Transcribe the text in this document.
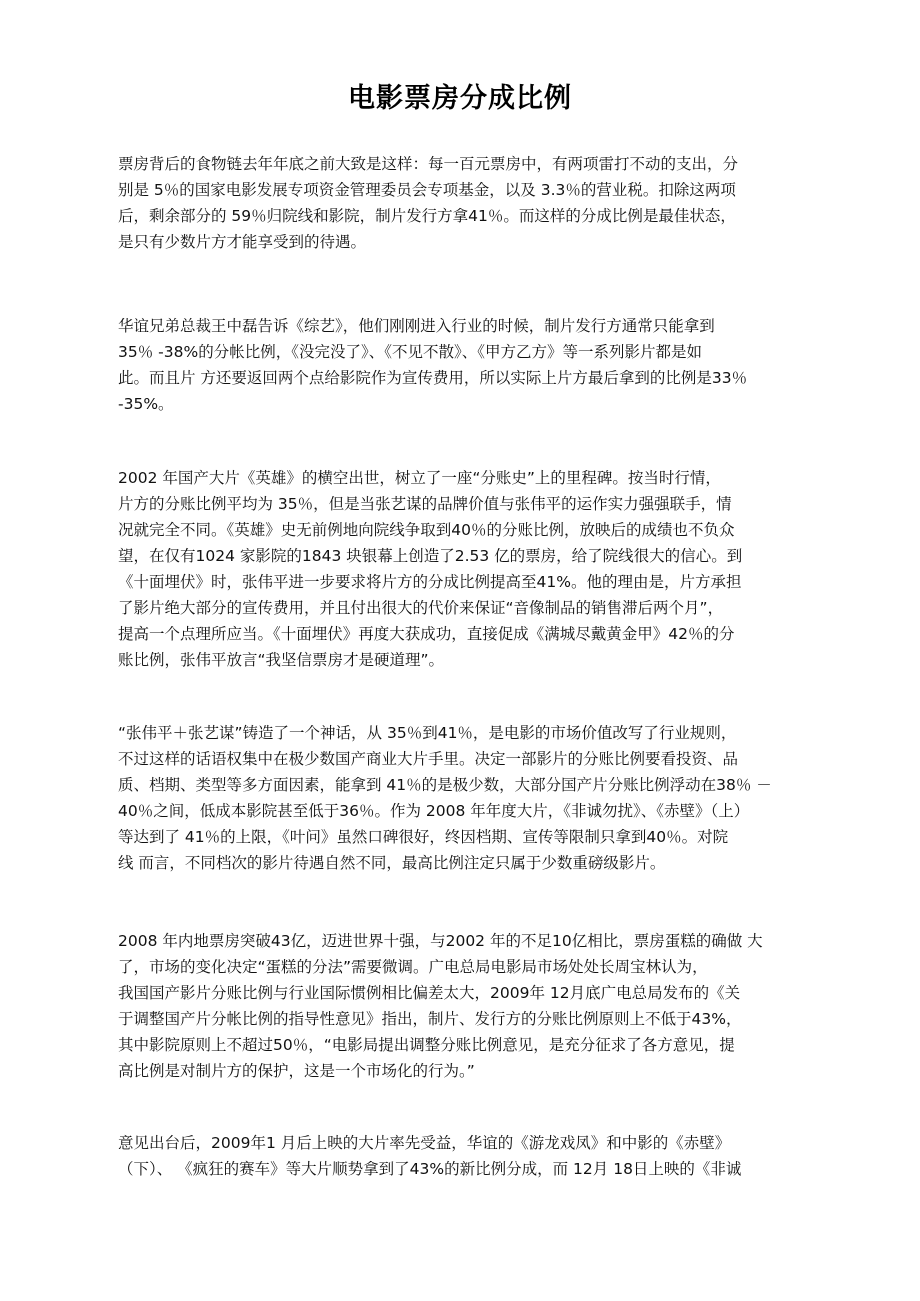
电影票房分成比例
票房背后的食物链去年年底之前大致是这样：每一百元票房中，有两项雷打不动的支出，分
别是 5％的国家电影发展专项资金管理委员会专项基金，以及 3.3％的营业税。扣除这两项
后，剩余部分的 59％归院线和影院，制片发行方拿41％。而这样的分成比例是最佳状态，
是只有少数片方才能享受到的待遇。
华谊兄弟总裁王中磊告诉《综艺》，他们刚刚进入行业的时候，制片发行方通常只能拿到
35％ -38%的分帐比例，《没完没了》、《不见不散》、《甲方乙方》等一系列影片都是如
此。而且片 方还要返回两个点给影院作为宣传费用，所以实际上片方最后拿到的比例是33％
-35%。
2002 年国产大片《英雄》的横空出世，树立了一座“分账史”上的里程碑。按当时行情，
片方的分账比例平均为 35％，但是当张艺谋的品牌价值与张伟平的运作实力强强联手，情
况就完全不同。《英雄》史无前例地向院线争取到40％的分账比例，放映后的成绩也不负众
望，在仅有1024 家影院的1843 块银幕上创造了2.53 亿的票房，给了院线很大的信心。到
《十面埋伏》时，张伟平进一步要求将片方的分成比例提高至41%。他的理由是，片方承担
了影片绝大部分的宣传费用，并且付出很大的代价来保证“音像制品的销售滞后两个月”，
提高一个点理所应当。《十面埋伏》再度大获成功，直接促成《满城尽戴黄金甲》42％的分
账比例，张伟平放言“我坚信票房才是硬道理”。
“张伟平＋张艺谋”铸造了一个神话，从 35％到41％，是电影的市场价值改写了行业规则，
不过这样的话语权集中在极少数国产商业大片手里。决定一部影片的分账比例要看投资、品
质、档期、类型等多方面因素，能拿到 41％的是极少数，大部分国产片分账比例浮动在38％ －
40％之间，低成本影院甚至低于36％。作为 2008 年年度大片，《非诚勿扰》、《赤壁》（上）
等达到了 41％的上限，《叶问》虽然口碑很好，终因档期、宣传等限制只拿到40％。对院
线 而言，不同档次的影片待遇自然不同，最高比例注定只属于少数重磅级影片。
2008 年内地票房突破43亿，迈进世界十强，与2002 年的不足10亿相比，票房蛋糕的确做 大
了，市场的变化决定“蛋糕的分法”需要微调。广电总局电影局市场处处长周宝林认为，
我国国产影片分账比例与行业国际惯例相比偏差太大，2009年 12月底广电总局发布的《关
于调整国产片分帐比例的指导性意见》指出，制片、发行方的分账比例原则上不低于43%，
其中影院原则上不超过50％，“电影局提出调整分账比例意见，是充分征求了各方意见，提
高比例是对制片方的保护，这是一个市场化的行为。”
意见出台后，2009年1 月后上映的大片率先受益，华谊的《游龙戏凤》和中影的《赤壁》
（下）、 《疯狂的赛车》等大片顺势拿到了43%的新比例分成，而 12月 18日上映的《非诚
